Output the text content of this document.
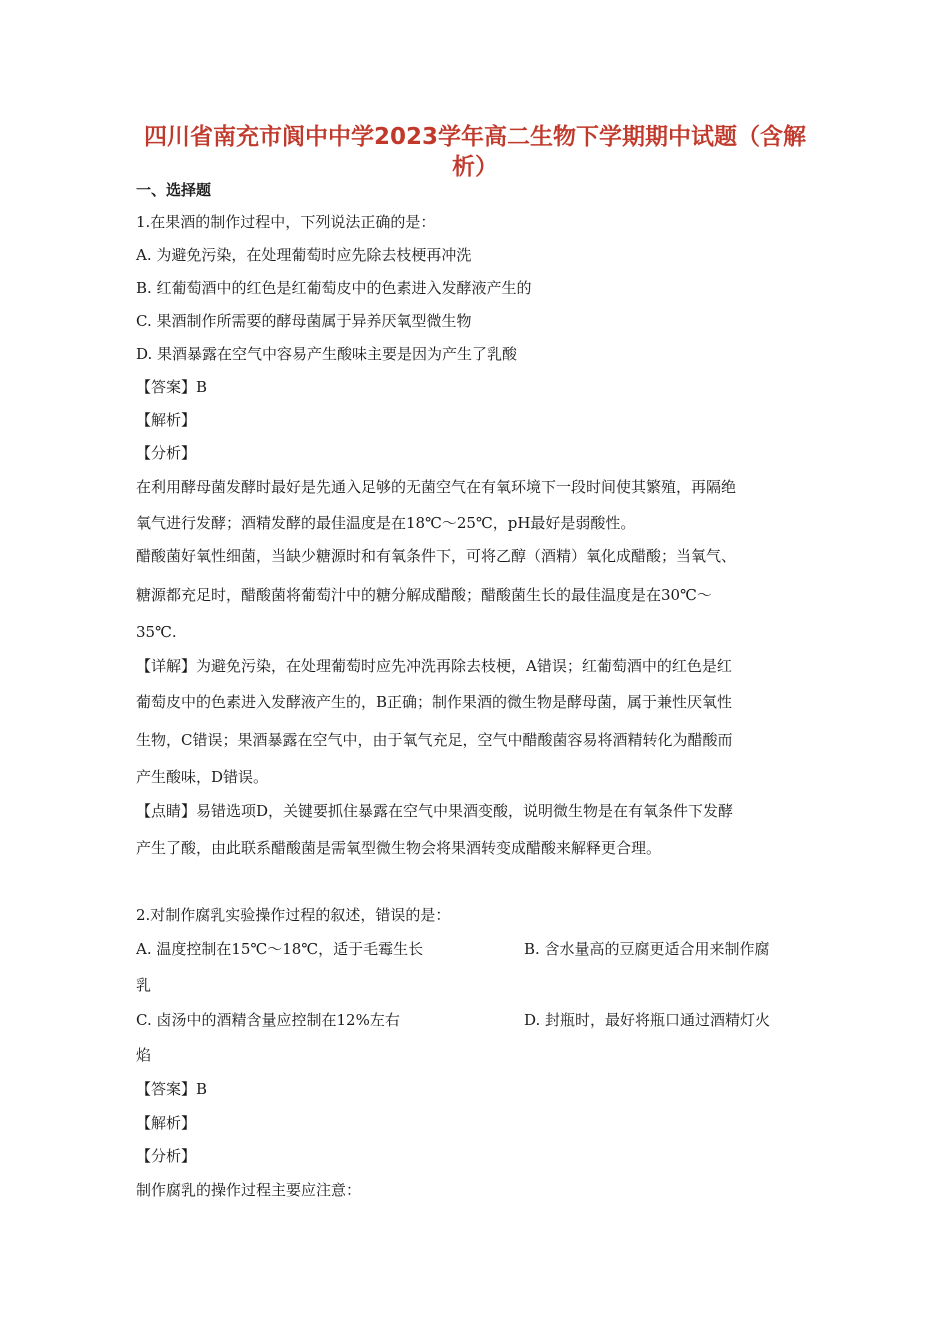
四川省南充市阆中中学2023学年高二生物下学期期中试题（含解
析）
一、选择题
1.在果酒的制作过程中，下列说法正确的是：
A. 为避免污染，在处理葡萄时应先除去枝梗再冲洗
B. 红葡萄酒中的红色是红葡萄皮中的色素进入发酵液产生的
C. 果酒制作所需要的酵母菌属于异养厌氧型微生物
D. 果酒暴露在空气中容易产生酸味主要是因为产生了乳酸
【答案】B
【解析】
【分析】
在利用酵母菌发酵时最好是先通入足够的无菌空气在有氧环境下一段时间使其繁殖，再隔绝
氧气进行发酵；酒精发酵的最佳温度是在18℃～25℃，pH最好是弱酸性。
醋酸菌好氧性细菌，当缺少糖源时和有氧条件下，可将乙醇（酒精）氧化成醋酸；当氧气、
糖源都充足时，醋酸菌将葡萄汁中的糖分解成醋酸；醋酸菌生长的最佳温度是在30℃～
35℃.
【详解】为避免污染，在处理葡萄时应先冲洗再除去枝梗，A错误；红葡萄酒中的红色是红
葡萄皮中的色素进入发酵液产生的，B正确；制作果酒的微生物是酵母菌，属于兼性厌氧性
生物，C错误；果酒暴露在空气中，由于氧气充足，空气中醋酸菌容易将酒精转化为醋酸而
产生酸味，D错误。
【点睛】易错选项D，关键要抓住暴露在空气中果酒变酸，说明微生物是在有氧条件下发酵
产生了酸，由此联系醋酸菌是需氧型微生物会将果酒转变成醋酸来解释更合理。
2.对制作腐乳实验操作过程的叙述，错误的是：
A. 温度控制在15℃～18℃，适于毛霉生长	B. 含水量高的豆腐更适合用来制作腐
乳
C. 卤汤中的酒精含量应控制在12%左右	D. 封瓶时，最好将瓶口通过酒精灯火
焰
【答案】B
【解析】
【分析】
制作腐乳的操作过程主要应注意：
